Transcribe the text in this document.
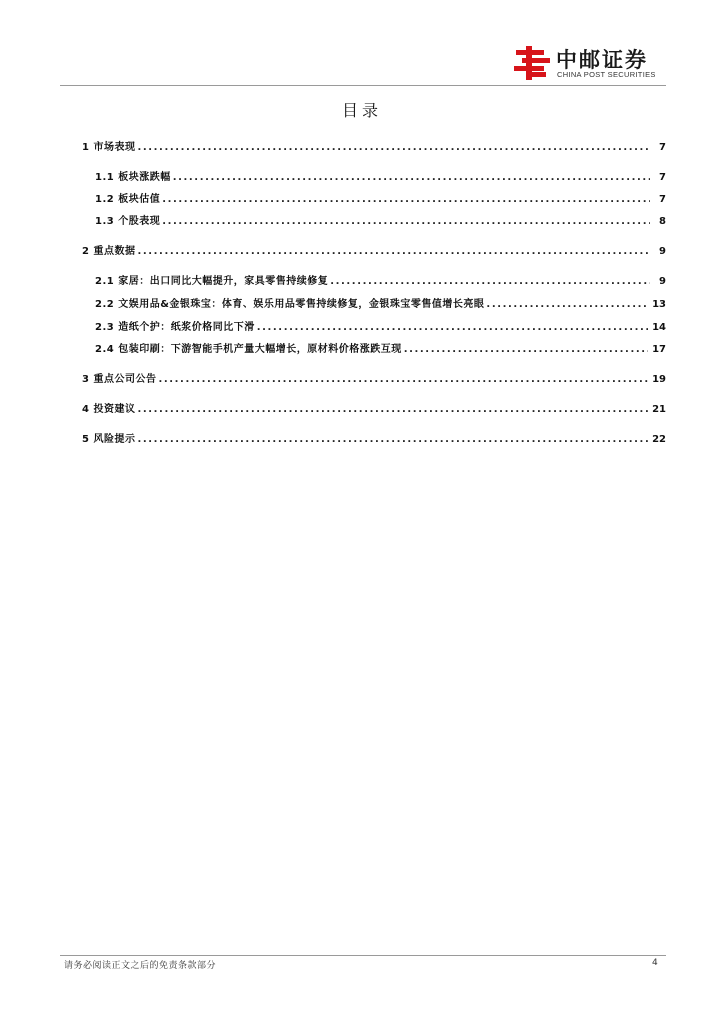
中邮证券
CHINA POST SECURITIES
目录
1 市场表现 .....	7
1.1 板块涨跌幅 .....	7
1.2 板块估值 .....	7
1.3 个股表现 .....	8
2 重点数据 .....	9
2.1 家居：出口同比大幅提升，家具零售持续修复 .....	9
2.2 文娱用品&金银珠宝：体育、娱乐用品零售持续修复，金银珠宝零售值增长亮眼 .....	13
2.3 造纸个护：纸浆价格同比下滑 .....	14
2.4 包装印刷：下游智能手机产量大幅增长，原材料价格涨跌互现 .....	17
3 重点公司公告 .....	19
4 投资建议 .....	21
5 风险提示 .....	22
请务必阅读正文之后的免责条款部分	4
